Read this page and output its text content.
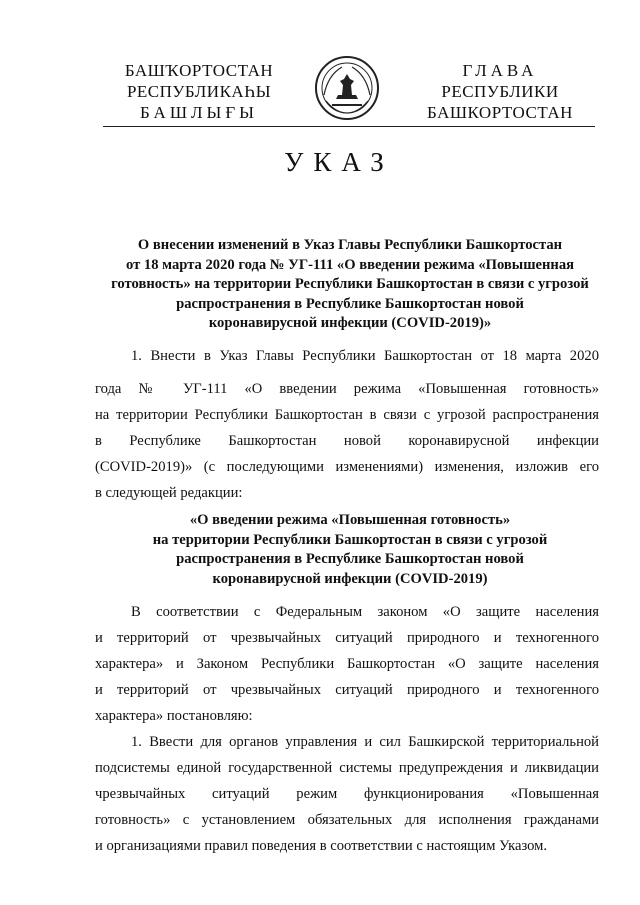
БАШҠОРТОСТАН
РЕСПУБЛИКАҺЫ
БАШЛЫҒЫ
ГЛАВА
РЕСПУБЛИКИ
БАШКОРТОСТАН
УКАЗ
О внесении изменений в Указ Главы Республики Башкортостан
от 18 марта 2020 года № УГ-111 «О введении режима «Повышенная
готовность» на территории Республики Башкортостан в связи с угрозой
распространения в Республике Башкортостан новой
коронавирусной инфекции (COVID-2019)»
1. Внести в Указ Главы Республики Башкортостан от 18 марта 2020
года № УГ-111 «О введении режима «Повышенная готовность»
на территории Республики Башкортостан в связи с угрозой распространения
в Республике Башкортостан новой коронавирусной инфекции
(COVID-2019)» (с последующими изменениями) изменения, изложив его
в следующей редакции:
«О введении режима «Повышенная готовность»
на территории Республики Башкортостан в связи с угрозой
распространения в Республике Башкортостан новой
коронавирусной инфекции (COVID-2019)
В соответствии с Федеральным законом «О защите населения
и территорий от чрезвычайных ситуаций природного и техногенного
характера» и Законом Республики Башкортостан «О защите населения
и территорий от чрезвычайных ситуаций природного и техногенного
характера» постановляю:
1. Ввести для органов управления и сил Башкирской территориальной
подсистемы единой государственной системы предупреждения и ликвидации
чрезвычайных ситуаций режим функционирования «Повышенная
готовность» с установлением обязательных для исполнения гражданами
и организациями правил поведения в соответствии с настоящим Указом.
